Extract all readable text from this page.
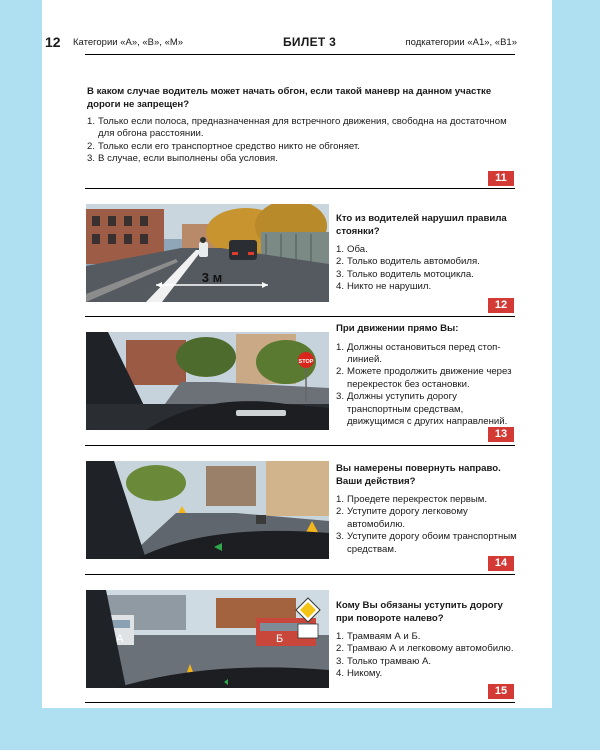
12 Категории «А», «В», «М»	БИЛЕТ 3	подкатегории «А1», «В1»
В каком случае водитель может начать обгон, если такой маневр на данном участке дороги не запрещен?
1. Только если полоса, предназначенная для встречного движения, свободна на достаточном для обгона расстоянии.
2. Только если его транспортное средство никто не обгоняет.
3. В случае, если выполнены оба условия.
11
3 м
Кто из водителей нарушил правила стоянки?
1. Оба.
2. Только водитель автомобиля.
3. Только водитель мотоцикла.
4. Никто не нарушил.
12
STOP
При движении прямо Вы:
1. Должны остановиться перед стоп-линией.
2. Можете продолжить движение через перекресток без остановки.
3. Должны уступить дорогу транспортным средствам, движущимся с других направлений.
13
Вы намерены повернуть направо. Ваши действия?
1. Проедете перекресток первым.
2. Уступите дорогу легковому автомобилю.
3. Уступите дорогу обоим транспортным средствам.
14
А	Б
Кому Вы обязаны уступить дорогу при повороте налево?
1. Трамваям А и Б.
2. Трамваю А и легковому автомобилю.
3. Только трамваю А.
4. Никому.
15
